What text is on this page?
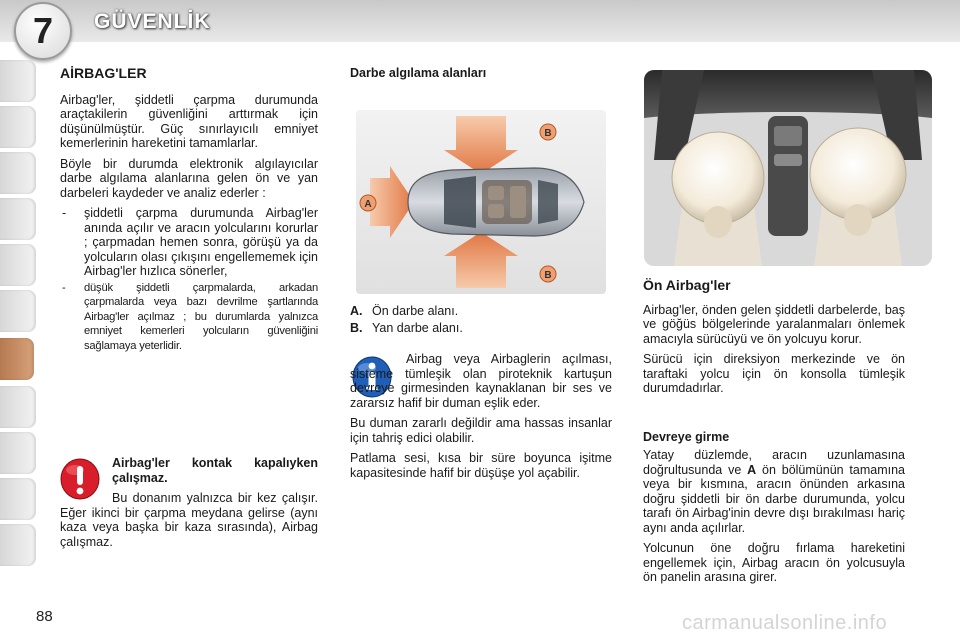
7	GÜVENLİK
AİRBAG'LER

Airbag'ler, şiddetli çarpma durumunda araçtakilerin güvenliğini arttırmak için düşünülmüştür. Güç sınırlayıcılı emniyet kemerlerinin hareketini tamamlarlar.

Böyle bir durumda elektronik algılayıcılar darbe algılama alanlarına gelen ön ve yan darbeleri kaydeder ve analiz ederler :

- şiddetli çarpma durumunda Airbag'ler anında açılır ve aracın yolcularını korurlar ; çarpmadan hemen sonra, görüşü ya da yolcuların olası çıkışını engellememek için Airbag'ler hızlıca sönerler,
- düşük şiddetli çarpmalarda, arkadan çarpmalarda veya bazı devrilme şartlarında Airbag'ler açılmaz ; bu durumlarda yalnızca emniyet kemerleri yolcuların güvenliğini sağlamaya yeterlidir.

Airbag'ler kontak kapalıyken çalışmaz.

Bu donanım yalnızca bir kez çalışır. Eğer ikinci bir çarpma meydana gelirse (aynı kaza veya başka bir kaza sırasında), Airbag çalışmaz.

Darbe algılama alanları
A
B
B
A. Ön darbe alanı.
B. Yan darbe alanı.

Airbag veya Airbaglerin açılması, sisteme tümleşik olan piroteknik kartuşun devreye girmesinden kaynaklanan bir ses ve zararsız hafif bir duman eşlik eder.

Bu duman zararlı değildir ama hassas insanlar için tahriş edici olabilir.

Patlama sesi, kısa bir süre boyunca işitme kapasitesinde hafif bir düşüşe yol açabilir.

Ön Airbag'ler

Airbag'ler, önden gelen şiddetli darbelerde, baş ve göğüs bölgelerinde yaralanmaları önlemek amacıyla sürücüyü ve ön yolcuyu korur.

Sürücü için direksiyon merkezinde ve ön taraftaki yolcu için ön konsolla tümleşik durumdadırlar.

Devreye girme

Yatay düzlemde, aracın uzunlamasına doğrultusunda ve A ön bölümünün tamamına veya bir kısmına, aracın önünden arkasına doğru şiddetli bir ön darbe durumunda, yolcu tarafı ön Airbag'inin devre dışı bırakılması hariç aynı anda açılırlar.

Yolcunun öne doğru fırlama hareketini engellemek için, Airbag aracın ön yolcusuyla ön panelin arasına girer.

88	carmanualsonline.info
